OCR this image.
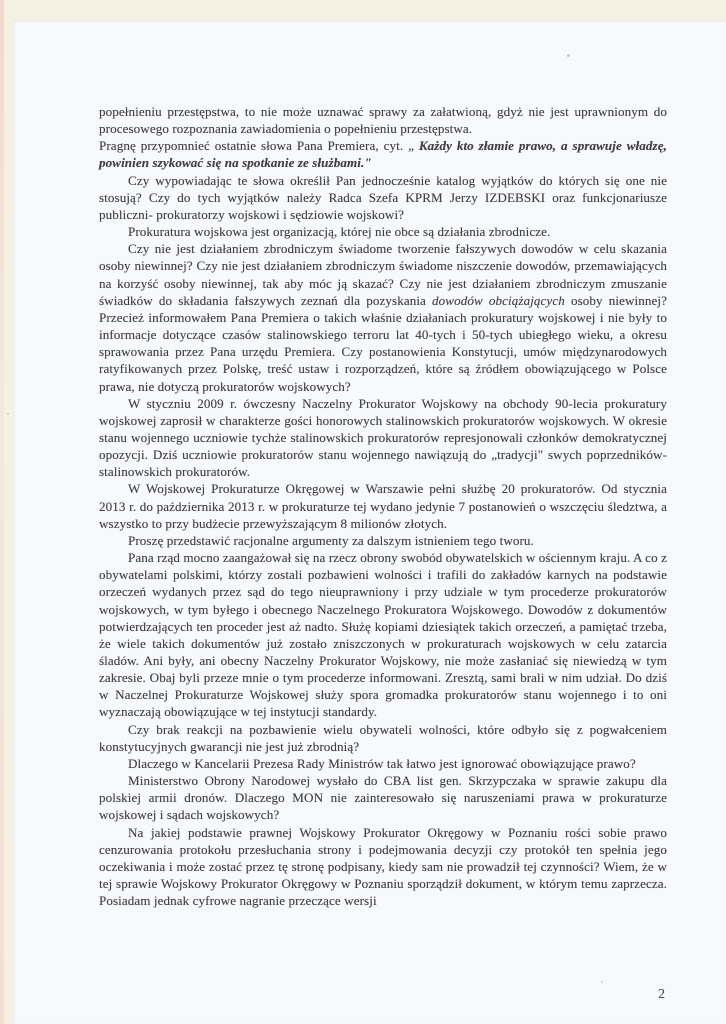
popełnieniu przestępstwa, to nie może uznawać sprawy za załatwioną, gdyż nie jest uprawnionym do procesowego rozpoznania zawiadomienia o popełnieniu przestępstwa.

Pragnę przypomnieć ostatnie słowa Pana Premiera, cyt. „ Każdy kto złamie prawo, a sprawuje władzę, powinien szykować się na spotkanie ze służbami."

Czy wypowiadając te słowa określił Pan jednocześnie katalog wyjątków do których się one nie stosują? Czy do tych wyjątków należy Radca Szefa KPRM Jerzy IZDEBSKI oraz funkcjonariusze publiczni- prokuratorzy wojskowi i sędziowie wojskowi?

Prokuratura wojskowa jest organizacją, której nie obce są działania zbrodnicze.

Czy nie jest działaniem zbrodniczym świadome tworzenie fałszywych dowodów w celu skazania osoby niewinnej? Czy nie jest działaniem zbrodniczym świadome niszczenie dowodów, przemawiających na korzyść osoby niewinnej, tak aby móc ją skazać? Czy nie jest działaniem zbrodniczym zmuszanie świadków do składania fałszywych zeznań dla pozyskania dowodów obciążających osoby niewinnej? Przecież informowałem Pana Premiera o takich właśnie działaniach prokuratury wojskowej i nie były to informacje dotyczące czasów stalinowskiego terroru lat 40-tych i 50-tych ubiegłego wieku, a okresu sprawowania przez Pana urzędu Premiera. Czy postanowienia Konstytucji, umów międzynarodowych ratyfikowanych przez Polskę, treść ustaw i rozporządzeń, które są źródłem obowiązującego w Polsce prawa, nie dotyczą prokuratorów wojskowych?

W styczniu 2009 r. ówczesny Naczelny Prokurator Wojskowy na obchody 90-lecia prokuratury wojskowej zaprosił w charakterze gości honorowych stalinowskich prokuratorów wojskowych. W okresie stanu wojennego uczniowie tychże stalinowskich prokuratorów represjonowali członków demokratycznej opozycji. Dziś uczniowie prokuratorów stanu wojennego nawiązują do „tradycji" swych poprzedników-stalinowskich prokuratorów.

W Wojskowej Prokuraturze Okręgowej w Warszawie pełni służbę 20 prokuratorów. Od stycznia 2013 r. do października 2013 r. w prokuraturze tej wydano jedynie 7 postanowień o wszczęciu śledztwa, a wszystko to przy budżecie przewyższającym 8 milionów złotych.

Proszę przedstawić racjonalne argumenty za dalszym istnieniem tego tworu.

Pana rząd mocno zaangażował się na rzecz obrony swobód obywatelskich w ościennym kraju. A co z obywatelami polskimi, którzy zostali pozbawieni wolności i trafili do zakładów karnych na podstawie orzeczeń wydanych przez sąd do tego nieuprawniony i przy udziale w tym procederze prokuratorów wojskowych, w tym byłego i obecnego Naczelnego Prokuratora Wojskowego. Dowodów z dokumentów potwierdzających ten proceder jest aż nadto. Służę kopiami dziesiątek takich orzeczeń, a pamiętać trzeba, że wiele takich dokumentów już zostało zniszczonych w prokuraturach wojskowych w celu zatarcia śladów. Ani były, ani obecny Naczelny Prokurator Wojskowy, nie może zasłaniać się niewiedzą w tym zakresie. Obaj byli przeze mnie o tym procederze informowani. Zresztą, sami brali w nim udział. Do dziś w Naczelnej Prokuraturze Wojskowej służy spora gromadka prokuratorów stanu wojennego i to oni wyznaczają obowiązujące w tej instytucji standardy.

Czy brak reakcji na pozbawienie wielu obywateli wolności, które odbyło się z pogwałceniem konstytucyjnych gwarancji nie jest już zbrodnią?

Dlaczego w Kancelarii Prezesa Rady Ministrów tak łatwo jest ignorować obowiązujące prawo?

Ministerstwo Obrony Narodowej wysłało do CBA list gen. Skrzypczaka w sprawie zakupu dla polskiej armii dronów. Dlaczego MON nie zainteresowało się naruszeniami prawa w prokuraturze wojskowej i sądach wojskowych?

Na jakiej podstawie prawnej Wojskowy Prokurator Okręgowy w Poznaniu rości sobie prawo cenzurowania protokołu przesłuchania strony i podejmowania decyzji czy protokół ten spełnia jego oczekiwania i może zostać przez tę stronę podpisany, kiedy sam nie prowadził tej czynności? Wiem, że w tej sprawie Wojskowy Prokurator Okręgowy w Poznaniu sporządził dokument, w którym temu zaprzecza. Posiadam jednak cyfrowe nagranie przeczące wersji

2
